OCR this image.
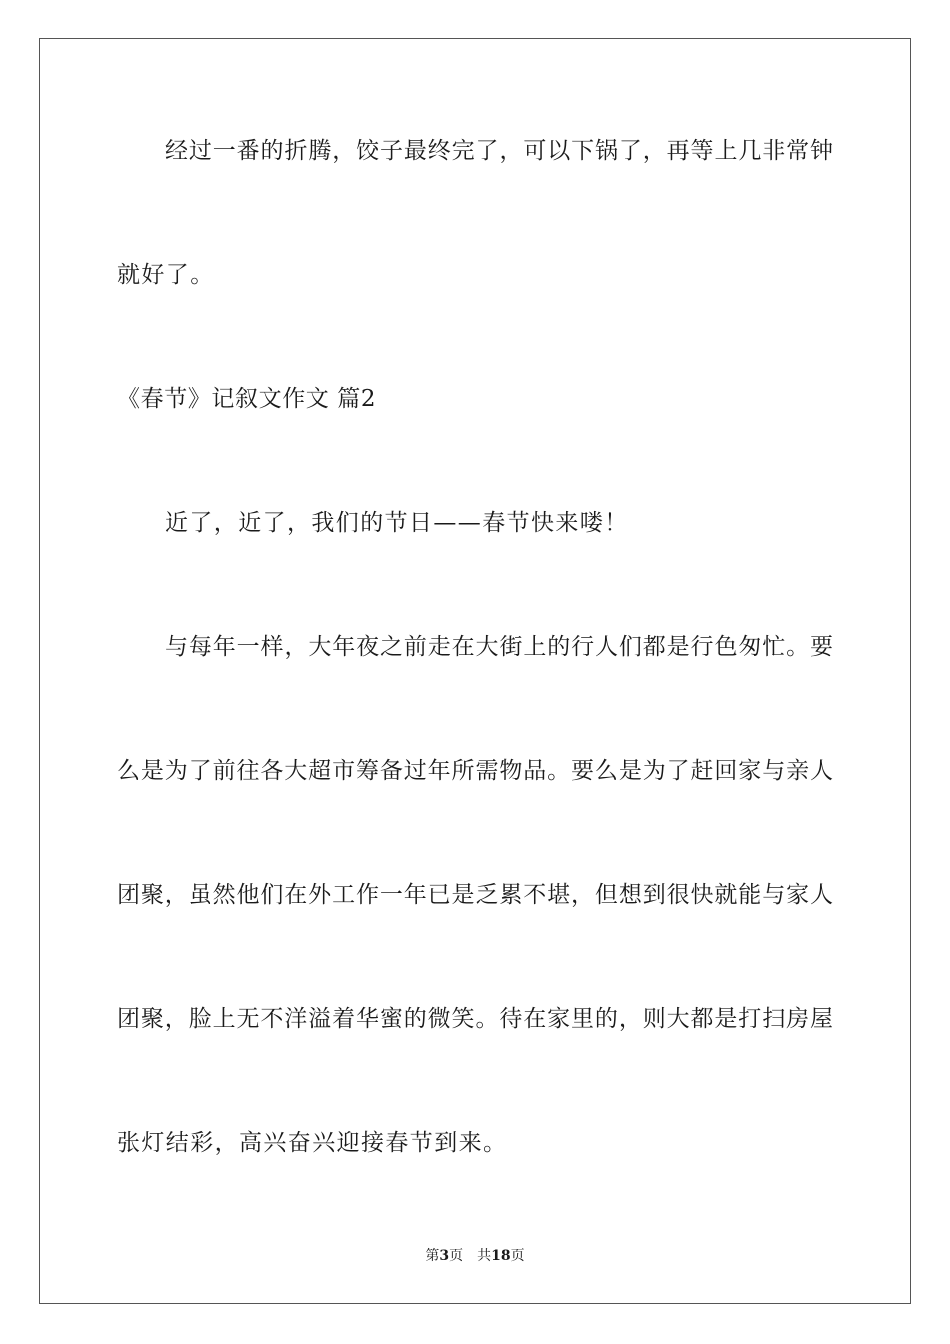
经过一番的折腾，饺子最终完了，可以下锅了，再等上几非常钟
就好了。
《春节》记叙文作文 篇2
近了，近了，我们的节日——春节快来喽！
与每年一样，大年夜之前走在大街上的行人们都是行色匆忙。要
么是为了前往各大超市筹备过年所需物品。要么是为了赶回家与亲人
团聚，虽然他们在外工作一年已是乏累不堪，但想到很快就能与家人
团聚，脸上无不洋溢着华蜜的微笑。待在家里的，则大都是打扫房屋
张灯结彩，高兴奋兴迎接春节到来。
第3页 共18页
